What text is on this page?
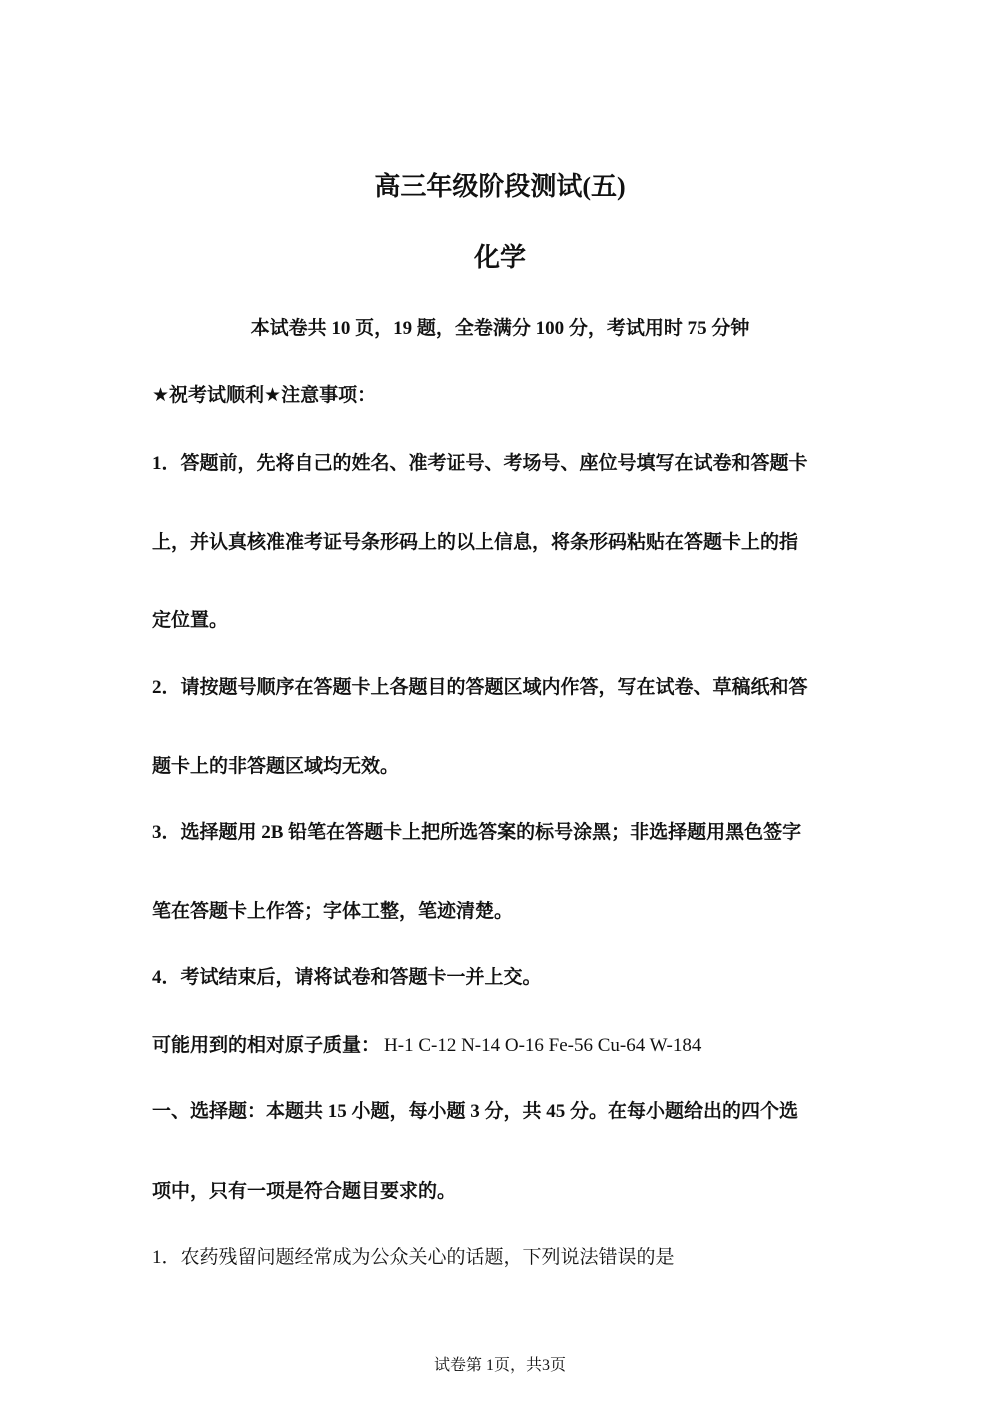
高三年级阶段测试(五)
化学
本试卷共 10 页，19 题，全卷满分 100 分，考试用时 75 分钟
★祝考试顺利★注意事项：
1．答题前，先将自己的姓名、准考证号、考场号、座位号填写在试卷和答题卡
上，并认真核准准考证号条形码上的以上信息，将条形码粘贴在答题卡上的指
定位置。
2．请按题号顺序在答题卡上各题目的答题区域内作答，写在试卷、草稿纸和答
题卡上的非答题区域均无效。
3．选择题用 2B 铅笔在答题卡上把所选答案的标号涂黑；非选择题用黑色签字
笔在答题卡上作答；字体工整，笔迹清楚。
4．考试结束后，请将试卷和答题卡一并上交。
可能用到的相对原子质量： H-1 C-12 N-14 O-16 Fe-56 Cu-64 W-184
一、选择题：本题共 15 小题，每小题 3 分，共 45 分。在每小题给出的四个选
项中，只有一项是符合题目要求的。
1．农药残留问题经常成为公众关心的话题，下列说法错误的是
试卷第 1页，共3页
